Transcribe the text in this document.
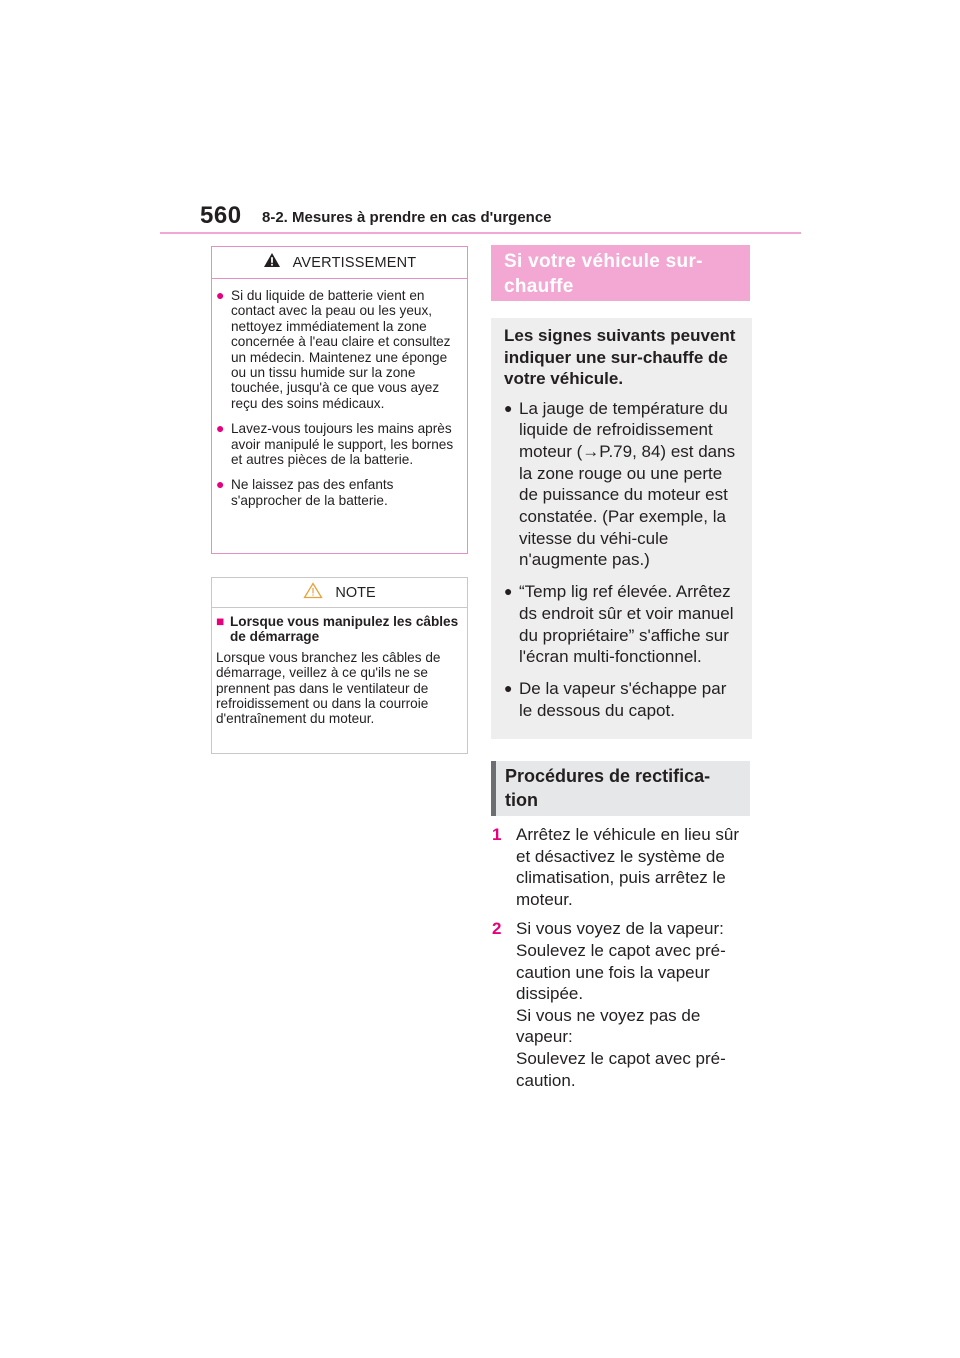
560 8-2. Mesures à prendre en cas d'urgence
AVERTISSEMENT
● Si du liquide de batterie vient en contact avec la peau ou les yeux, nettoyez immédiatement la zone concernée à l'eau claire et consultez un médecin. Maintenez une éponge ou un tissu humide sur la zone touchée, jusqu'à ce que vous ayez reçu des soins médicaux.
● Lavez-vous toujours les mains après avoir manipulé le support, les bornes et autres pièces de la batterie.
● Ne laissez pas des enfants s'approcher de la batterie.
NOTE
■ Lorsque vous manipulez les câbles de démarrage
Lorsque vous branchez les câbles de démarrage, veillez à ce qu'ils ne se prennent pas dans le ventilateur de refroidissement ou dans la courroie d'entraînement du moteur.
Si votre véhicule sur-chauffe
Les signes suivants peuvent indiquer une sur-chauffe de votre véhicule.
● La jauge de température du liquide de refroidissement moteur (→P.79, 84) est dans la zone rouge ou une perte de puissance du moteur est constatée. (Par exemple, la vitesse du véhi-cule n'augmente pas.)
● “Temp lig ref élevée. Arrêtez ds endroit sûr et voir manuel du propriétaire” s'affiche sur l'écran multi-fonctionnel.
● De la vapeur s'échappe par le dessous du capot.
Procédures de rectifica-tion
1 Arrêtez le véhicule en lieu sûr et désactivez le système de climatisation, puis arrêtez le moteur.
2 Si vous voyez de la vapeur: Soulevez le capot avec pré-caution une fois la vapeur dissipée.
Si vous ne voyez pas de vapeur:
Soulevez le capot avec pré-caution.
